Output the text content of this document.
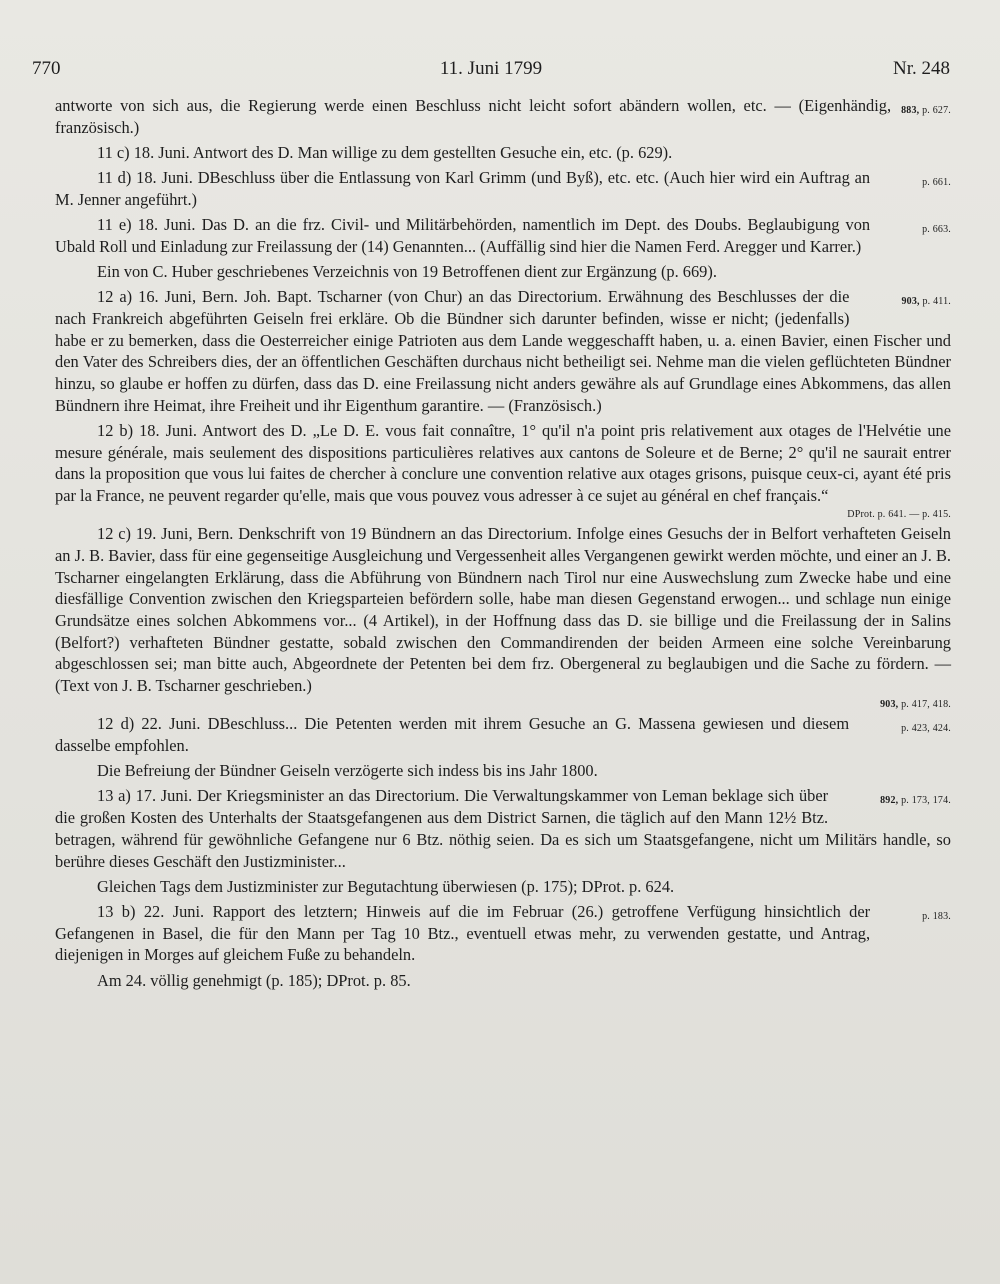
770	11. Juni 1799	Nr. 248

883, p. 627.
antworte von sich aus, die Regierung werde einen Beschluss nicht leicht sofort abändern wollen, etc. — (Eigenhändig, französisch.)

11 c) 18. Juni. Antwort des D. Man willige zu dem gestellten Gesuche ein, etc. (p. 629).

p. 661.
11 d) 18. Juni. DBeschluss über die Entlassung von Karl Grimm (und Byß), etc. etc. (Auch hier wird ein Auftrag an M. Jenner angeführt.)

p. 663.
11 e) 18. Juni. Das D. an die frz. Civil- und Militärbehörden, namentlich im Dept. des Doubs. Beglaubigung von Ubald Roll und Einladung zur Freilassung der (14) Genannten... (Auffällig sind hier die Namen Ferd. Aregger und Karrer.)

Ein von C. Huber geschriebenes Verzeichnis von 19 Betroffenen dient zur Ergänzung (p. 669).

903, p. 411.
12 a) 16. Juni, Bern. Joh. Bapt. Tscharner (von Chur) an das Directorium. Erwähnung des Beschlusses der die nach Frankreich abgeführten Geiseln frei erkläre. Ob die Bündner sich darunter befinden, wisse er nicht; (jedenfalls) habe er zu bemerken, dass die Oesterreicher einige Patrioten aus dem Lande weggeschafft haben, u. a. einen Bavier, einen Fischer und den Vater des Schreibers dies, der an öffentlichen Geschäften durchaus nicht betheiligt sei. Nehme man die vielen geflüchteten Bündner hinzu, so glaube er hoffen zu dürfen, dass das D. eine Freilassung nicht anders gewähre als auf Grundlage eines Abkommens, das allen Bündnern ihre Heimat, ihre Freiheit und ihr Eigenthum garantire. — (Französisch.)

12 b) 18. Juni. Antwort des D. „Le D. E. vous fait connaître, 1° qu'il n'a point pris relativement aux otages de l'Helvétie une mesure générale, mais seulement des dispositions particulières relatives aux cantons de Soleure et de Berne; 2° qu'il ne saurait entrer dans la proposition que vous lui faites de chercher à conclure une convention relative aux otages grisons, puisque ceux-ci, ayant été pris par la France, ne peuvent regarder qu'elle, mais que vous pouvez vous adresser à ce sujet au général en chef français.“

DProt. p. 641. — p. 415.

12 c) 19. Juni, Bern. Denkschrift von 19 Bündnern an das Directorium. Infolge eines Gesuchs der in Belfort verhafteten Geiseln an J. B. Bavier, dass für eine gegenseitige Ausgleichung und Vergessenheit alles Vergangenen gewirkt werden möchte, und einer an J. B. Tscharner eingelangten Erklärung, dass die Abführung von Bündnern nach Tirol nur eine Auswechslung zum Zwecke habe und eine diesfällige Convention zwischen den Kriegsparteien befördern solle, habe man diesen Gegenstand erwogen... und schlage nun einige Grundsätze eines solchen Abkommens vor... (4 Artikel), in der Hoffnung dass das D. sie billige und die Freilassung der in Salins (Belfort?) verhafteten Bündner gestatte, sobald zwischen den Commandirenden der beiden Armeen eine solche Vereinbarung abgeschlossen sei; man bitte auch, Abgeordnete der Petenten bei dem frz. Obergeneral zu beglaubigen und die Sache zu fördern. — (Text von J. B. Tscharner geschrieben.)

903, p. 417, 418.

p. 423, 424.
12 d) 22. Juni. DBeschluss... Die Petenten werden mit ihrem Gesuche an G. Massena gewiesen und diesem dasselbe empfohlen.

Die Befreiung der Bündner Geiseln verzögerte sich indess bis ins Jahr 1800.

892, p. 173, 174.
13 a) 17. Juni. Der Kriegsminister an das Directorium. Die Verwaltungskammer von Leman beklage sich über die großen Kosten des Unterhalts der Staatsgefangenen aus dem District Sarnen, die täglich auf den Mann 12½ Btz. betragen, während für gewöhnliche Gefangene nur 6 Btz. nöthig seien. Da es sich um Staatsgefangene, nicht um Militärs handle, so berühre dieses Geschäft den Justizminister...

Gleichen Tags dem Justizminister zur Begutachtung überwiesen (p. 175); DProt. p. 624.

p. 183.
13 b) 22. Juni. Rapport des letztern; Hinweis auf die im Februar (26.) getroffene Verfügung hinsichtlich der Gefangenen in Basel, die für den Mann per Tag 10 Btz., eventuell etwas mehr, zu verwenden gestatte, und Antrag, diejenigen in Morges auf gleichem Fuße zu behandeln.

Am 24. völlig genehmigt (p. 185); DProt. p. 85.
